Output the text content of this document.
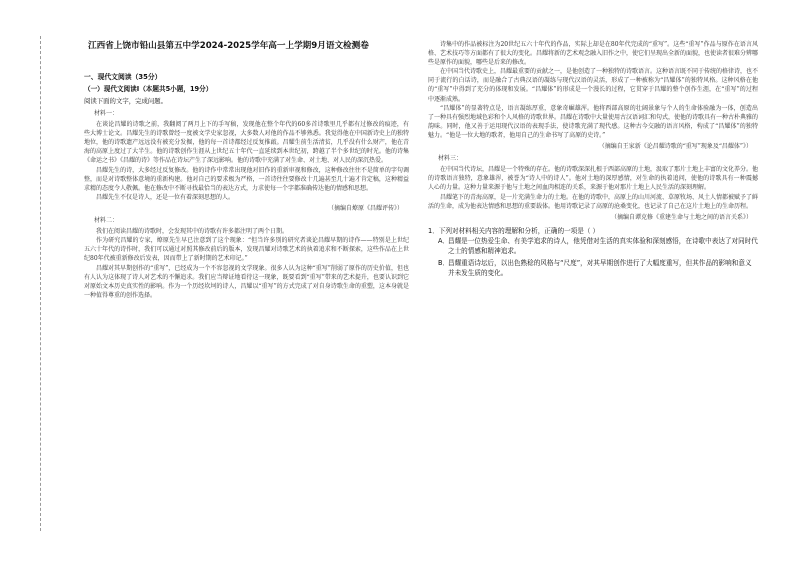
江西省上饶市铅山县第五中学2024-2025学年高一上学期9月语文检测卷
一、现代文阅读（35分）
（一）现代文阅读Ⅰ（本题共5小题，19分）
阅读下面的文字，完成问题。
材料一：
在谈论昌耀的诗歌之前，我翻阅了两月上下的手写稿，发现他在整个年代的60多首诗歌里几乎都有过修改的痕迹，有些大博士论文。昌耀先生的诗歌曾经一度被文学史家忽视，大多数人对他的作品不够熟悉。我觉得他在中国新诗史上的独特地位，他的诗歌遗产远远没有被充分发掘，他的每一首诗都经过反复推敲。昌耀生前生活清贫，几乎没有什么财产，他在青海的高原上度过了大半生。他的诗歌创作生涯从上世纪五十年代一直延续到本世纪初，跨越了半个多世纪的时光。他的诗集《命运之书》《昌耀的诗》等作品在诗坛产生了深远影响。他的诗歌中充满了对生命、对土地、对人民的深沉热爱。
昌耀先生的诗，大多经过反复修改。他的诗作中常常出现他对旧作的重新审视和修改，这种修改往往不是简单的字句调整，而是对诗歌整体意境的重新构建。他对自己的要求极为严格，一首诗往往要修改十几遍甚至几十遍才肯定稿，这种精益求精的态度令人敬佩。他在修改中不断寻找最恰当的表达方式，力求使每一个字都准确传达他的情感和思想。
昌耀先生不仅是诗人，还是一位有着深刻思想的人。
（摘编自燎原《昌耀评传》）
材料二：
我们在阅读昌耀的诗歌时，会发现其中的诗歌有许多都注明了两个日期。
作为研究昌耀的专家，燎原先生早已注意到了这个现象：“但当许多别的研究者谈论昌耀早期的诗作——特别是上世纪五六十年代的诗作时，我们可以通过对照其修改前后的版本，发现昌耀对诗歌艺术的执着追求和不断探索，这些作品在上世纪80年代被重新修改后发表，因而带上了新时期的艺术印记。”
昌耀对其早期创作的“重写”，已经成为一个不容忽视的文学现象。很多人认为这种“重写”削弱了原作的历史价值，但也有人认为这体现了诗人对艺术的不懈追求。我们应当辩证地看待这一现象，既要看到“重写”带来的艺术提升，也要认识到它对原始文本历史真实性的影响。作为一个历经坎坷的诗人，昌耀以“重写”的方式完成了对自身诗歌生命的重塑，这本身就是一种值得尊重的创作选择。
诗集中的作品被标注为20世纪五六十年代的作品，实际上却是在80年代完成的“重写”。这些“重写”作品与原作在语言风格、艺术技巧等方面都有了很大的变化。昌耀将新的艺术观念融入旧作之中，使它们呈现出全新的面貌，也使读者很难分辨哪些是原作的面貌，哪些是后来的修改。
在中国当代诗歌史上，昌耀最重要的贡献之一，是他创造了一种独特的诗歌语言。这种语言既不同于传统的格律诗，也不同于流行的白话诗，而是融合了古典汉语的凝练与现代汉语的灵活，形成了一种被称为“昌耀体”的独特风格。这种风格在他的“重写”中得到了充分的体现和发展。“昌耀体”的形成是一个漫长的过程，它贯穿于昌耀的整个创作生涯，在“重写”的过程中逐渐成熟。
“昌耀体”的显著特点是，语言凝练厚重，意象奇崛雄浑。他将西部高原的壮阔景象与个人的生命体验融为一体，创造出了一种具有强烈地域色彩和个人风格的诗歌世界。昌耀在诗歌中大量使用古汉语词汇和句式，使他的诗歌具有一种古朴典雅的韵味。同时，他又善于运用现代汉语的表现手法，使诗歌充满了现代感。这种古今交融的语言风格，构成了“昌耀体”的独特魅力。“他是一位大地的歌者，他用自己的生命书写了高原的史诗。”
（摘编自王家新《论昌耀诗歌的“重写”现象及“昌耀体”》）
材料三：
在中国当代诗坛，昌耀是一个特殊的存在。他的诗歌深深扎根于西部高原的土地，汲取了那片土地上丰富的文化养分。他的诗歌语言独特，意象雄浑，被誉为“诗人中的诗人”。他对土地的深厚感情，对生命的执着追问，使他的诗歌具有一种震撼人心的力量。这种力量来源于他与土地之间血肉相连的关系，来源于他对那片土地上人民生活的深刻理解。
昌耀笔下的青海高原，是一片充满生命力的土地。在他的诗歌中，高原上的山川河流、草原牧场、风土人情都被赋予了鲜活的生命，成为他表达情感和思想的重要载体。他用诗歌记录了高原的沧桑变化，也记录了自己在这片土地上的生命历程。
（摘编自谭克修《重建生命与土地之间的语言关系》）
1．下列对材料相关内容的理解和分析，正确的一项是（ ）
A．昌耀是一位热爱生命、有美学追求的诗人，他凭借对生活的真实体验和深刻感悟，在诗歌中表达了对同时代之士的情感和精神追求。
B．昌耀重语诗坛后，以出色熟稔的风格与“尺度”，对其早期创作进行了大幅度重写，但其作品的影响和意义并未发生质的变化。
